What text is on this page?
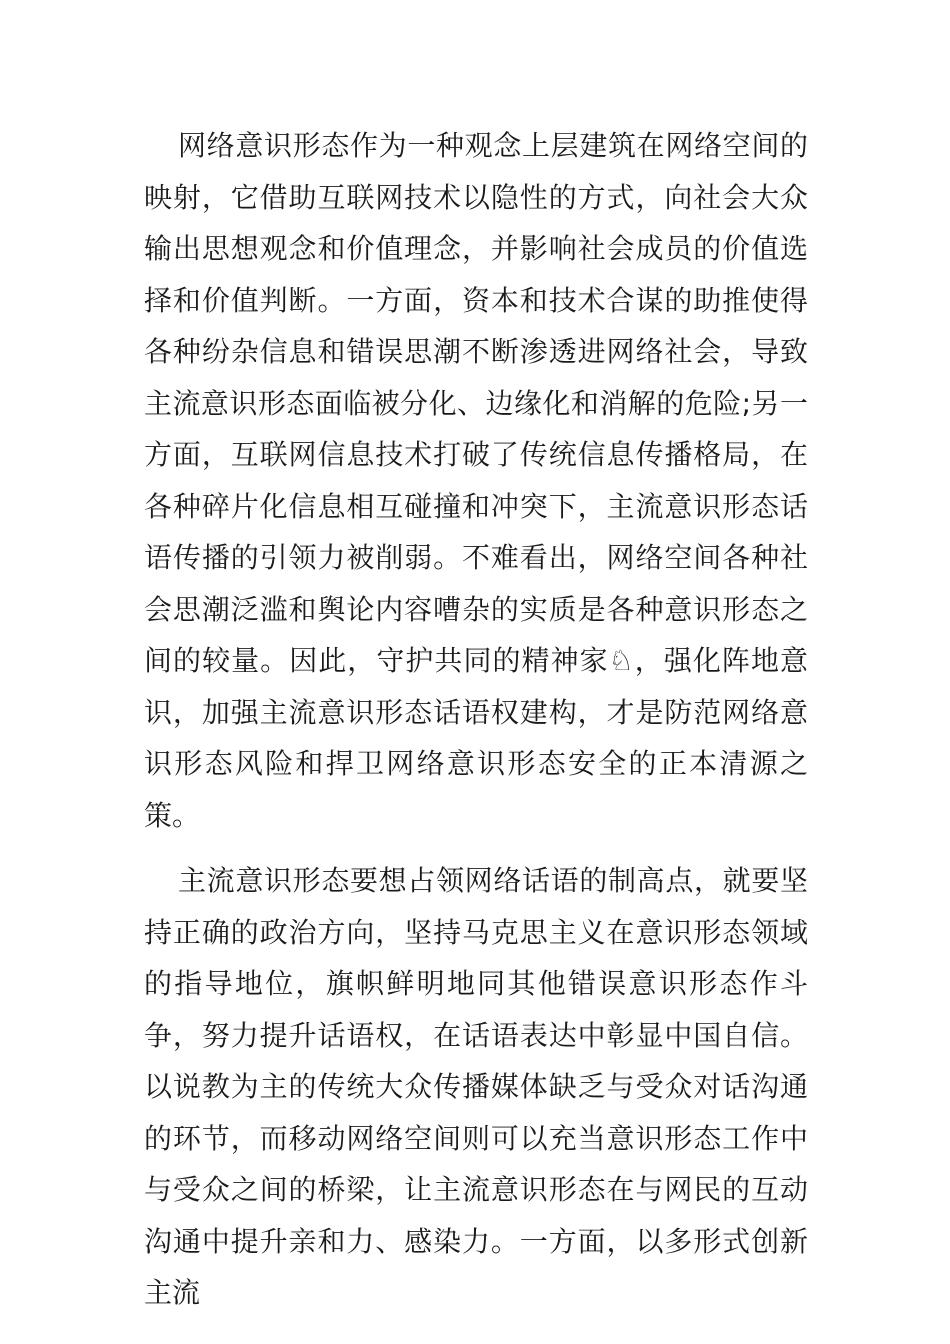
网络意识形态作为一种观念上层建筑在网络空间的映射，它借助互联网技术以隐性的方式，向社会大众输出思想观念和价值理念，并影响社会成员的价值选择和价值判断。一方面，资本和技术合谋的助推使得各种纷杂信息和错误思潮不断渗透进网络社会，导致主流意识形态面临被分化、边缘化和消解的危险;另一方面，互联网信息技术打破了传统信息传播格局，在各种碎片化信息相互碰撞和冲突下，主流意识形态话语传播的引领力被削弱。不难看出，网络空间各种社会思潮泛滥和舆论内容嘈杂的实质是各种意识形态之间的较量。因此，守护共同的精神家♘，强化阵地意识，加强主流意识形态话语权建构，才是防范网络意识形态风险和捍卫网络意识形态安全的正本清源之策。

主流意识形态要想占领网络话语的制高点，就要坚持正确的政治方向，坚持马克思主义在意识形态领域的指导地位，旗帜鲜明地同其他错误意识形态作斗争，努力提升话语权，在话语表达中彰显中国自信。以说教为主的传统大众传播媒体缺乏与受众对话沟通的环节，而移动网络空间则可以充当意识形态工作中与受众之间的桥梁，让主流意识形态在与网民的互动沟通中提升亲和力、感染力。一方面，以多形式创新主流
